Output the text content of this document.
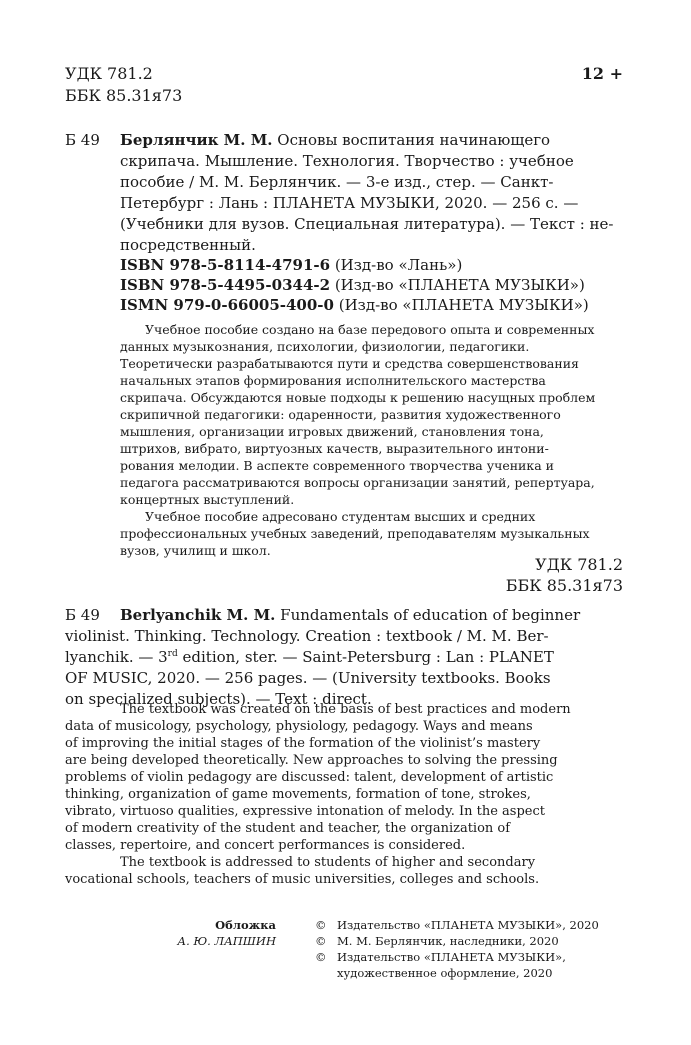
УДК 781.2
ББК 85.31я73
12 +
Б 49 Берлянчик М. М. Основы воспитания начинающего
скрипача. Мышление. Технология. Творчество : учебное
пособие / М. М. Берлянчик. — 3-е изд., стер. — Санкт-
Петербург : Лань : ПЛАНЕТА МУЗЫКИ, 2020. — 256 с. —
(Учебники для вузов. Специальная литература). — Текст : не-
посредственный.
ISBN 978-5-8114-4791-6 (Изд-во «Лань»)
ISBN 978-5-4495-0344-2 (Изд-во «ПЛАНЕТА МУЗЫКИ»)
ISMN 979-0-66005-400-0 (Изд-во «ПЛАНЕТА МУЗЫКИ»)
Учебное пособие создано на базе передового опыта и современных
данных музыкознания, психологии, физиологии, педагогики.
Теоретически разрабатываются пути и средства совершенствования
начальных этапов формирования исполнительского мастерства
скрипача. Обсуждаются новые подходы к решению насущных проблем
скрипичной педагогики: одаренности, развития художественного
мышления, организации игровых движений, становления тона,
штрихов, вибрато, виртуозных качеств, выразительного интони-
рования мелодии. В аспекте современного творчества ученика и
педагога рассматриваются вопросы организации занятий, репертуара,
концертных выступлений.
Учебное пособие адресовано студентам высших и средних
профессиональных учебных заведений, преподавателям музыкальных
вузов, училищ и школ.
УДК 781.2
ББК 85.31я73
Б 49 Berlyanchik M. M. Fundamentals of education of beginner
violinist. Thinking. Technology. Creation : textbook / M. M. Ber-
lyanchik. — 3rd edition, ster. — Saint-Petersburg : Lan : PLANET
OF MUSIC, 2020. — 256 pages. — (University textbooks. Books
on specialized subjects). — Text : direct.
The textbook was created on the basis of best practices and modern
data of musicology, psychology, physiology, pedagogy. Ways and means
of improving the initial stages of the formation of the violinist’s mastery
are being developed theoretically. New approaches to solving the pressing
problems of violin pedagogy are discussed: talent, development of artistic
thinking, organization of game movements, formation of tone, strokes,
vibrato, virtuoso qualities, expressive intonation of melody. In the aspect
of modern creativity of the student and teacher, the organization of
classes, repertoire, and concert performances is considered.
The textbook is addressed to students of higher and secondary
vocational schools, teachers of music universities, colleges and schools.
Обложка
А. Ю. ЛАПШИН
© Издательство «ПЛАНЕТА МУЗЫКИ», 2020
© М. М. Берлянчик, наследники, 2020
© Издательство «ПЛАНЕТА МУЗЫКИ»,
художественное оформление, 2020
